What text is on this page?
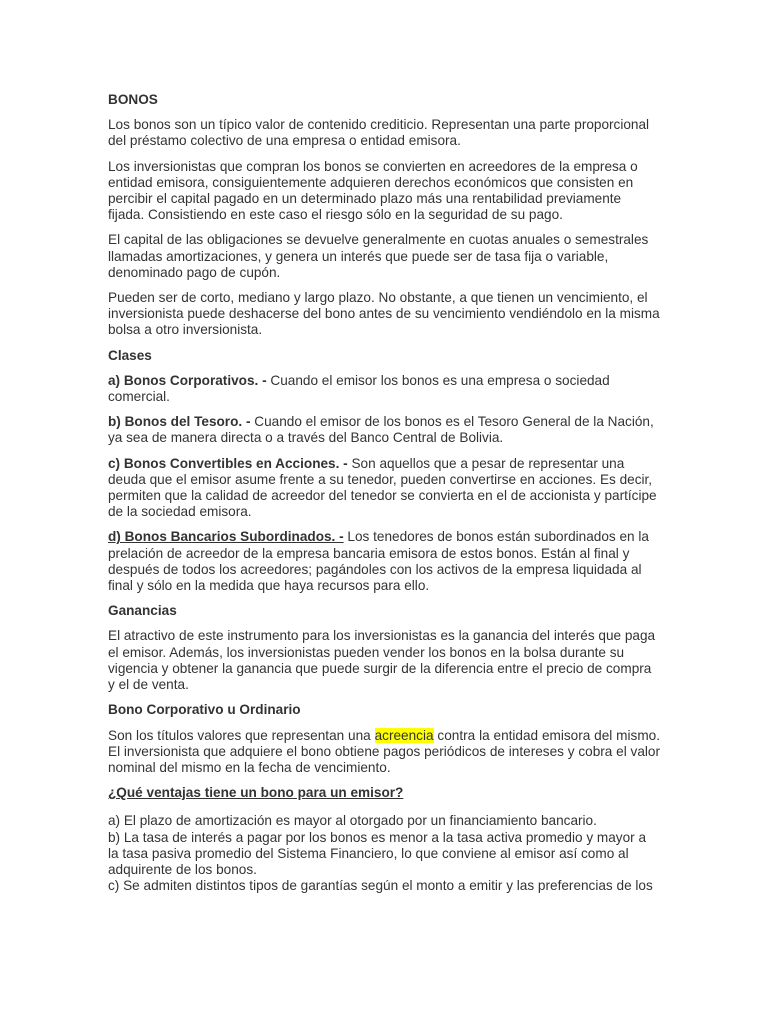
BONOS

Los bonos son un típico valor de contenido crediticio. Representan una parte proporcional del préstamo colectivo de una empresa o entidad emisora.

Los inversionistas que compran los bonos se convierten en acreedores de la empresa o entidad emisora, consiguientemente adquieren derechos económicos que consisten en percibir el capital pagado en un determinado plazo más una rentabilidad previamente fijada. Consistiendo en este caso el riesgo sólo en la seguridad de su pago.

El capital de las obligaciones se devuelve generalmente en cuotas anuales o semestrales llamadas amortizaciones, y genera un interés que puede ser de tasa fija o variable, denominado pago de cupón.

Pueden ser de corto, mediano y largo plazo. No obstante, a que tienen un vencimiento, el inversionista puede deshacerse del bono antes de su vencimiento vendiéndolo en la misma bolsa a otro inversionista.

Clases

a) Bonos Corporativos. - Cuando el emisor los bonos es una empresa o sociedad comercial.

b) Bonos del Tesoro. - Cuando el emisor de los bonos es el Tesoro General de la Nación, ya sea de manera directa o a través del Banco Central de Bolivia.

c) Bonos Convertibles en Acciones. - Son aquellos que a pesar de representar una deuda que el emisor asume frente a su tenedor, pueden convertirse en acciones. Es decir, permiten que la calidad de acreedor del tenedor se convierta en el de accionista y partícipe de la sociedad emisora.

d) Bonos Bancarios Subordinados. - Los tenedores de bonos están subordinados en la prelación de acreedor de la empresa bancaria emisora de estos bonos. Están al final y después de todos los acreedores; pagándoles con los activos de la empresa liquidada al final y sólo en la medida que haya recursos para ello.

Ganancias

El atractivo de este instrumento para los inversionistas es la ganancia del interés que paga el emisor. Además, los inversionistas pueden vender los bonos en la bolsa durante su vigencia y obtener la ganancia que puede surgir de la diferencia entre el precio de compra y el de venta.

Bono Corporativo u Ordinario

Son los títulos valores que representan una acreencia contra la entidad emisora del mismo. El inversionista que adquiere el bono obtiene pagos periódicos de intereses y cobra el valor nominal del mismo en la fecha de vencimiento.

¿Qué ventajas tiene un bono para un emisor?

a) El plazo de amortización es mayor al otorgado por un financiamiento bancario.

b) La tasa de interés a pagar por los bonos es menor a la tasa activa promedio y mayor a la tasa pasiva promedio del Sistema Financiero, lo que conviene al emisor así como al adquirente de los bonos.

c) Se admiten distintos tipos de garantías según el monto a emitir y las preferencias de los
